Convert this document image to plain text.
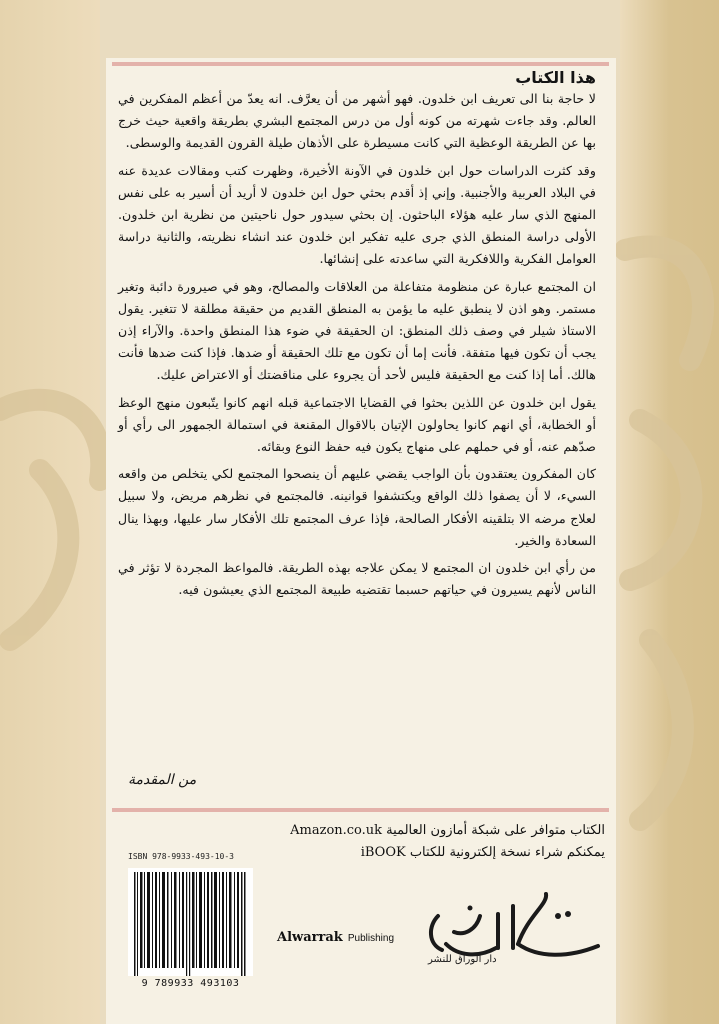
هذا الكتاب

لا حاجة بنا الى تعريف ابن خلدون. فهو أشهر من أن يعرَّف. انه يعدّ من أعظم المفكرين في العالم. وقد جاءت شهرته من كونه أول من درس المجتمع البشري بطريقة واقعية حيث خرج بها عن الطريقة الوعظية التي كانت مسيطرة على الأذهان طيلة القرون القديمة والوسطى.

وقد كثرت الدراسات حول ابن خلدون في الآونة الأخيرة، وظهرت كتب ومقالات عديدة عنه في البلاد العربية والأجنبية. وإني إذ أقدم بحثي حول ابن خلدون لا أريد أن أسير به على نفس المنهج الذي سار عليه هؤلاء الباحثون. إن بحثي سيدور حول ناحيتين من نظرية ابن خلدون. الأولى دراسة المنطق الذي جرى عليه تفكير ابن خلدون عند انشاء نظريته، والثانية دراسة العوامل الفكرية واللافكرية التي ساعدته على إنشائها.

ان المجتمع عبارة عن منظومة متفاعلة من العلاقات والمصالح، وهو في صيرورة دائبة وتغير مستمر. وهو اذن لا ينطبق عليه ما يؤمن به المنطق القديم من حقيقة مطلقة لا تتغير. يقول الاستاذ شيلر في وصف ذلك المنطق: ان الحقيقة في ضوء هذا المنطق واحدة. والآراء إذن يجب أن تكون فيها متفقة. فأنت إما أن تكون مع تلك الحقيقة أو ضدها. فإذا كنت ضدها فأنت هالك. أما إذا كنت مع الحقيقة فليس لأحد أن يجروء على مناقضتك أو الاعتراض عليك.

يقول ابن خلدون عن اللذين بحثوا في القضايا الاجتماعية قبله انهم كانوا يتّبعون منهج الوعظ أو الخطابة، أي انهم كانوا يحاولون الإتيان بالاقوال المقنعة في استمالة الجمهور الى رأي أو صدّهم عنه، أو في حملهم على منهاج يكون فيه حفظ النوع وبقائه.

كان المفكرون يعتقدون بأن الواجب يقضي عليهم أن ينصحوا المجتمع لكي يتخلص من واقعه السيء، لا أن يصفوا ذلك الواقع ويكتشفوا قوانينه. فالمجتمع في نظرهم مريض، ولا سبيل لعلاج مرضه الا بتلقينه الأفكار الصالحة، فإذا عرف المجتمع تلك الأفكار سار عليها، وبهذا ينال السعادة والخير.

من رأي ابن خلدون ان المجتمع لا يمكن علاجه بهذه الطريقة. فالمواعظ المجردة لا تؤثر في الناس لأنهم يسيرون في حياتهم حسبما تقتضيه طبيعة المجتمع الذي يعيشون فيه.

من المقدمة
الكتاب متوافر على شبكة أمازون العالمية Amazon.co.uk
يمكنكم شراء نسخة إلكترونية للكتاب iBOOK
ISBN 978-9933-493-10-3
9 789933 493103
Alwarrak Publishing
دار الوراق للنشر
